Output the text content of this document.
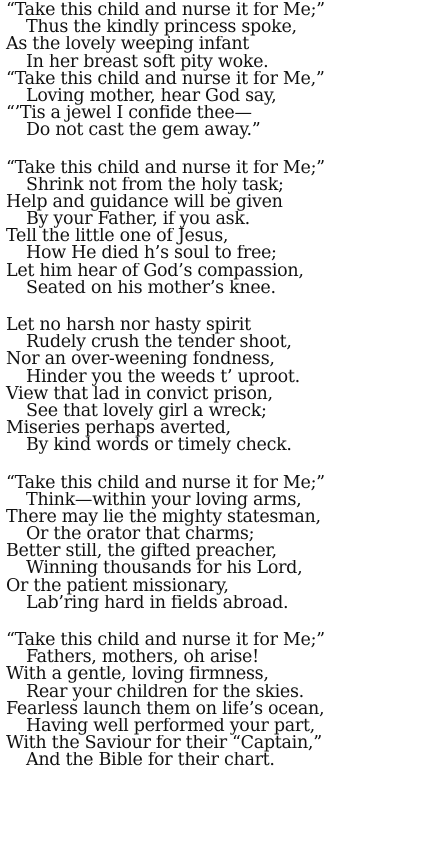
“Take this child and nurse it for Me;”
Thus the kindly princess spoke,
As the lovely weeping infant
In her breast soft pity woke.
“Take this child and nurse it for Me,”
Loving mother, hear God say,
“’Tis a jewel I confide thee—
Do not cast the gem away.”
“Take this child and nurse it for Me;”
Shrink not from the holy task;
Help and guidance will be given
By your Father, if you ask.
Tell the little one of Jesus,
How He died h’s soul to free;
Let him hear of God’s compassion,
Seated on his mother’s knee.
Let no harsh nor hasty spirit
Rudely crush the tender shoot,
Nor an over-weening fondness,
Hinder you the weeds t’ uproot.
View that lad in convict prison,
See that lovely girl a wreck;
Miseries perhaps averted,
By kind words or timely check.
“Take this child and nurse it for Me;”
Think—within your loving arms,
There may lie the mighty statesman,
Or the orator that charms;
Better still, the gifted preacher,
Winning thousands for his Lord,
Or the patient missionary,
Lab’ring hard in fields abroad.
“Take this child and nurse it for Me;”
Fathers, mothers, oh arise!
With a gentle, loving firmness,
Rear your children for the skies.
Fearless launch them on life’s ocean,
Having well performed your part,
With the Saviour for their “Captain,”
And the Bible for their chart.
